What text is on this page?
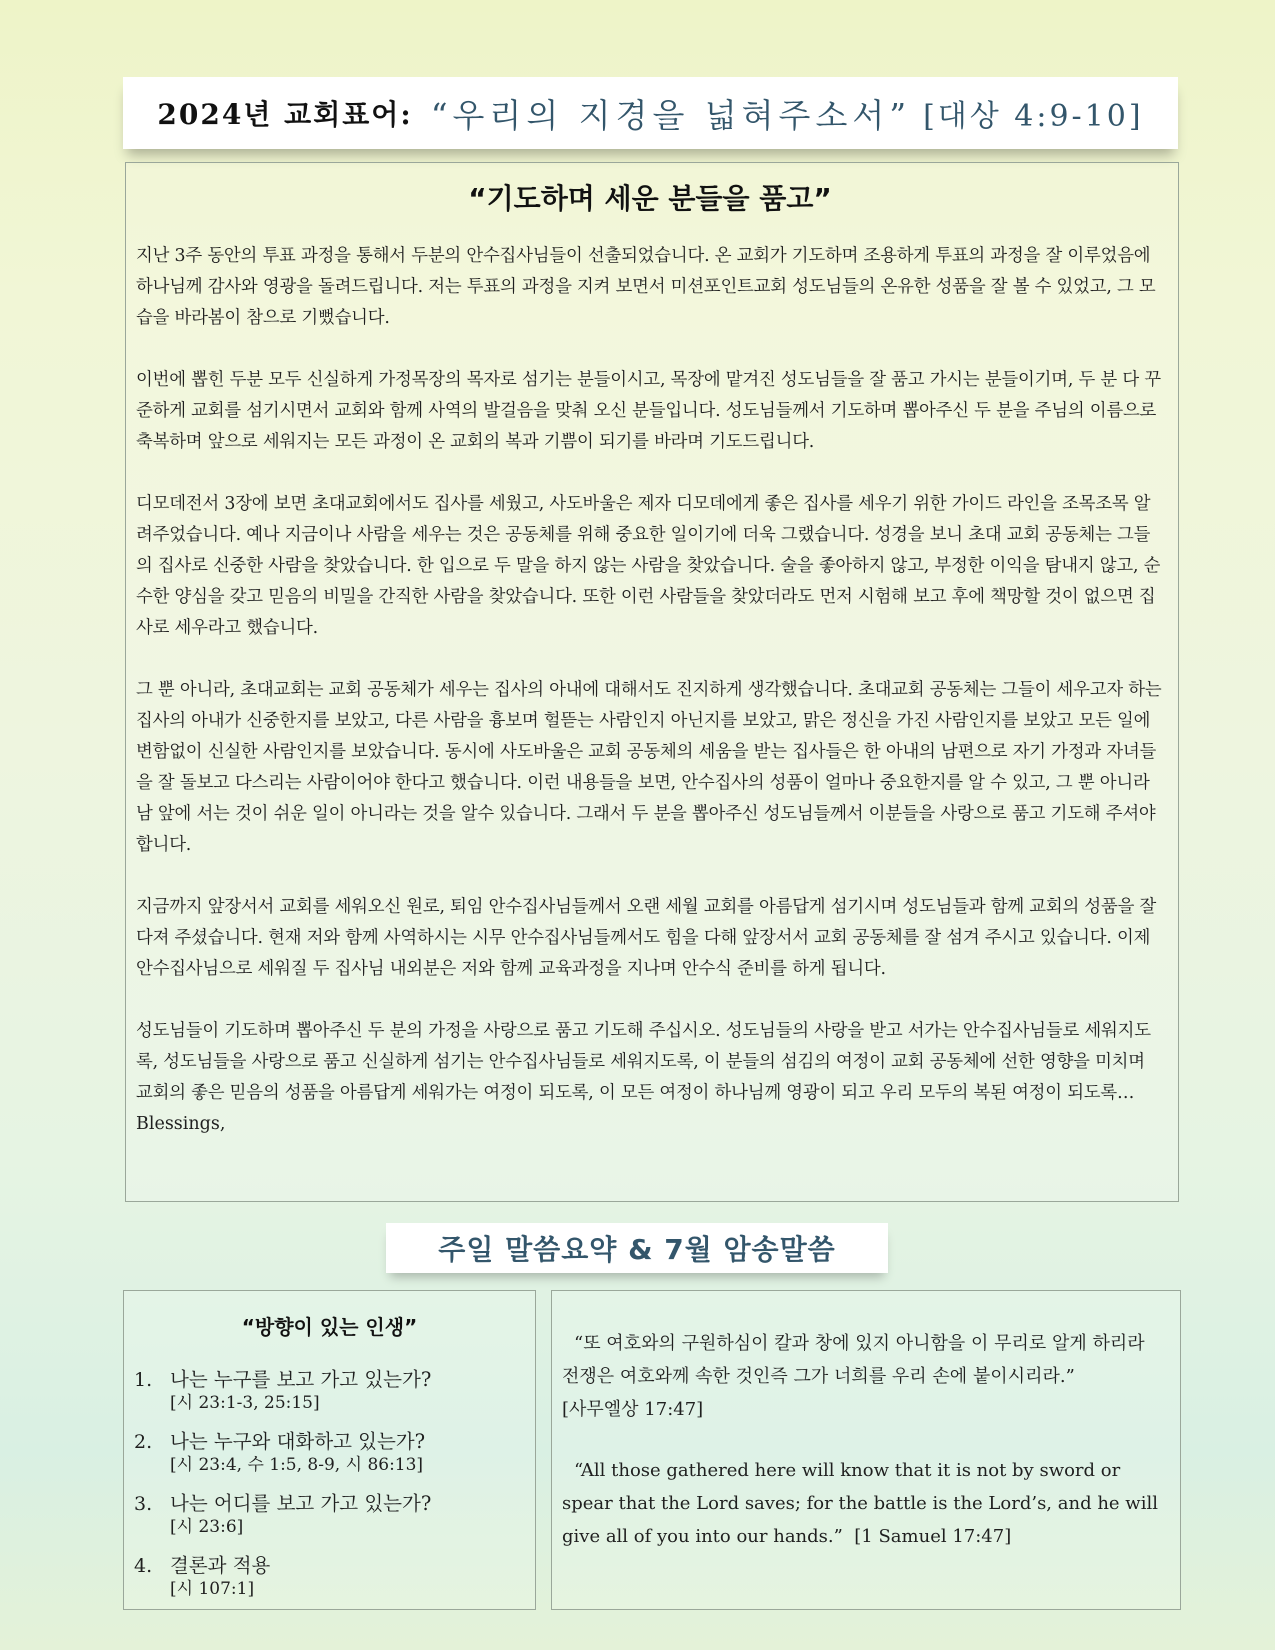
2024년 교회표어: “우리의 지경을 넓혀주소서” [대상 4:9-10]
“기도하며 세운 분들을 품고”

지난 3주 동안의 투표 과정을 통해서 두분의 안수집사님들이 선출되었습니다. 온 교회가 기도하며 조용하게 투표의 과정을 잘 이루었음에 하나님께 감사와 영광을 돌려드립니다. 저는 투표의 과정을 지켜 보면서 미션포인트교회 성도님들의 온유한 성품을 잘 볼 수 있었고, 그 모습을 바라봄이 참으로 기뻤습니다.

이번에 뽑힌 두분 모두 신실하게 가정목장의 목자로 섬기는 분들이시고, 목장에 맡겨진 성도님들을 잘 품고 가시는 분들이기며, 두 분 다 꾸준하게 교회를 섬기시면서 교회와 함께 사역의 발걸음을 맞춰 오신 분들입니다. 성도님들께서 기도하며 뽑아주신 두 분을 주님의 이름으로 축복하며 앞으로 세워지는 모든 과정이 온 교회의 복과 기쁨이 되기를 바라며 기도드립니다.

디모데전서 3장에 보면 초대교회에서도 집사를 세웠고, 사도바울은 제자 디모데에게 좋은 집사를 세우기 위한 가이드 라인을 조목조목 알려주었습니다. 예나 지금이나 사람을 세우는 것은 공동체를 위해 중요한 일이기에 더욱 그랬습니다. 성경을 보니 초대 교회 공동체는 그들의 집사로 신중한 사람을 찾았습니다. 한 입으로 두 말을 하지 않는 사람을 찾았습니다. 술을 좋아하지 않고, 부정한 이익을 탐내지 않고, 순수한 양심을 갖고 믿음의 비밀을 간직한 사람을 찾았습니다. 또한 이런 사람들을 찾았더라도 먼저 시험해 보고 후에 책망할 것이 없으면 집사로 세우라고 했습니다.

그 뿐 아니라, 초대교회는 교회 공동체가 세우는 집사의 아내에 대해서도 진지하게 생각했습니다. 초대교회 공동체는 그들이 세우고자 하는 집사의 아내가 신중한지를 보았고, 다른 사람을 흉보며 헐뜯는 사람인지 아닌지를 보았고, 맑은 정신을 가진 사람인지를 보았고 모든 일에 변함없이 신실한 사람인지를 보았습니다. 동시에 사도바울은 교회 공동체의 세움을 받는 집사들은 한 아내의 남편으로 자기 가정과 자녀들을 잘 돌보고 다스리는 사람이어야 한다고 했습니다. 이런 내용들을 보면, 안수집사의 성품이 얼마나 중요한지를 알 수 있고, 그 뿐 아니라 남 앞에 서는 것이 쉬운 일이 아니라는 것을 알수 있습니다. 그래서 두 분을 뽑아주신 성도님들께서 이분들을 사랑으로 품고 기도해 주셔야 합니다.

지금까지 앞장서서 교회를 세워오신 원로, 퇴임 안수집사님들께서 오랜 세월 교회를 아름답게 섬기시며 성도님들과 함께 교회의 성품을 잘 다져 주셨습니다. 현재 저와 함께 사역하시는 시무 안수집사님들께서도 힘을 다해 앞장서서 교회 공동체를 잘 섬겨 주시고 있습니다. 이제 안수집사님으로 세워질 두 집사님 내외분은 저와 함께 교육과정을 지나며 안수식 준비를 하게 됩니다.

성도님들이 기도하며 뽑아주신 두 분의 가정을 사랑으로 품고 기도해 주십시오. 성도님들의 사랑을 받고 서가는 안수집사님들로 세워지도록, 성도님들을 사랑으로 품고 신실하게 섬기는 안수집사님들로 세워지도록, 이 분들의 섬김의 여정이 교회 공동체에 선한 영향을 미치며 교회의 좋은 믿음의 성품을 아름답게 세워가는 여정이 되도록, 이 모든 여정이 하나님께 영광이 되고 우리 모두의 복된 여정이 되도록…

Blessings,

주일 말씀요약 & 7월 암송말씀
“방향이 있는 인생”
1. 나는 누구를 보고 가고 있는가?
[시 23:1-3, 25:15]
2. 나는 누구와 대화하고 있는가?
[시 23:4, 수 1:5, 8-9, 시 86:13]
3. 나는 어디를 보고 가고 있는가?
[시 23:6]
4. 결론과 적용
[시 107:1]

“또 여호와의 구원하심이 칼과 창에 있지 아니함을 이 무리로 알게 하리라 전쟁은 여호와께 속한 것인즉 그가 너희를 우리 손에 붙이시리라.”
[사무엘상 17:47]

“All those gathered here will know that it is not by sword or spear that the Lord saves; for the battle is the Lord’s, and he will give all of you into our hands.” [1 Samuel 17:47]
